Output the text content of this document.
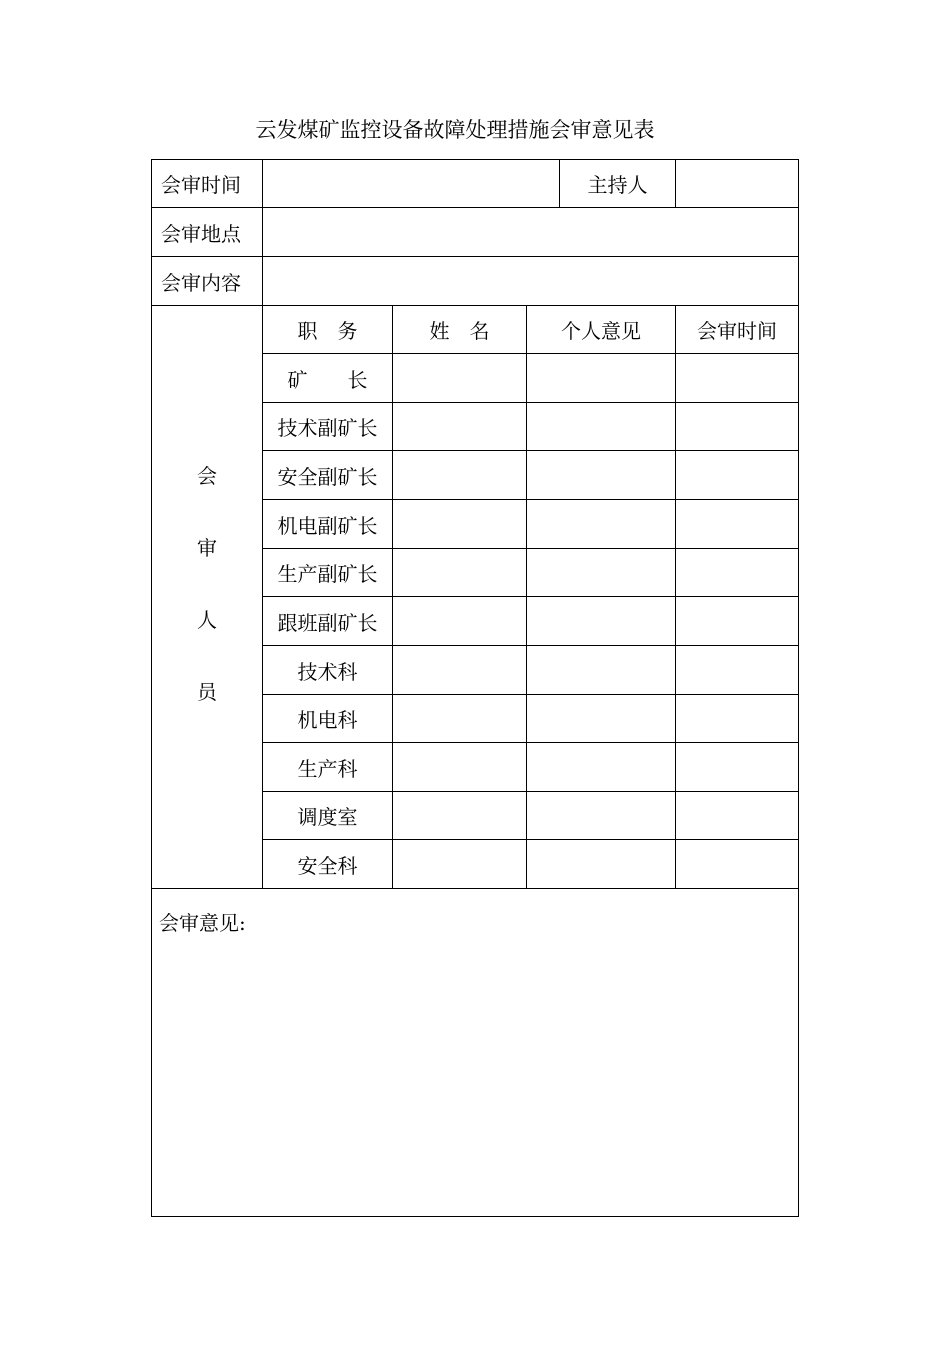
云发煤矿监控设备故障处理措施会审意见表
会审时间				主持人	
会审地点					
会审内容					

会
审
人
员	职　务	姓　名	个人意见		会审时间
	矿　　长				
	技术副矿长				
	安全副矿长				
	机电副矿长				
	生产副矿长				
	跟班副矿长				
	技术科				
	机电科				
	生产科				
	调度室				
	安全科				
会审意见:					
